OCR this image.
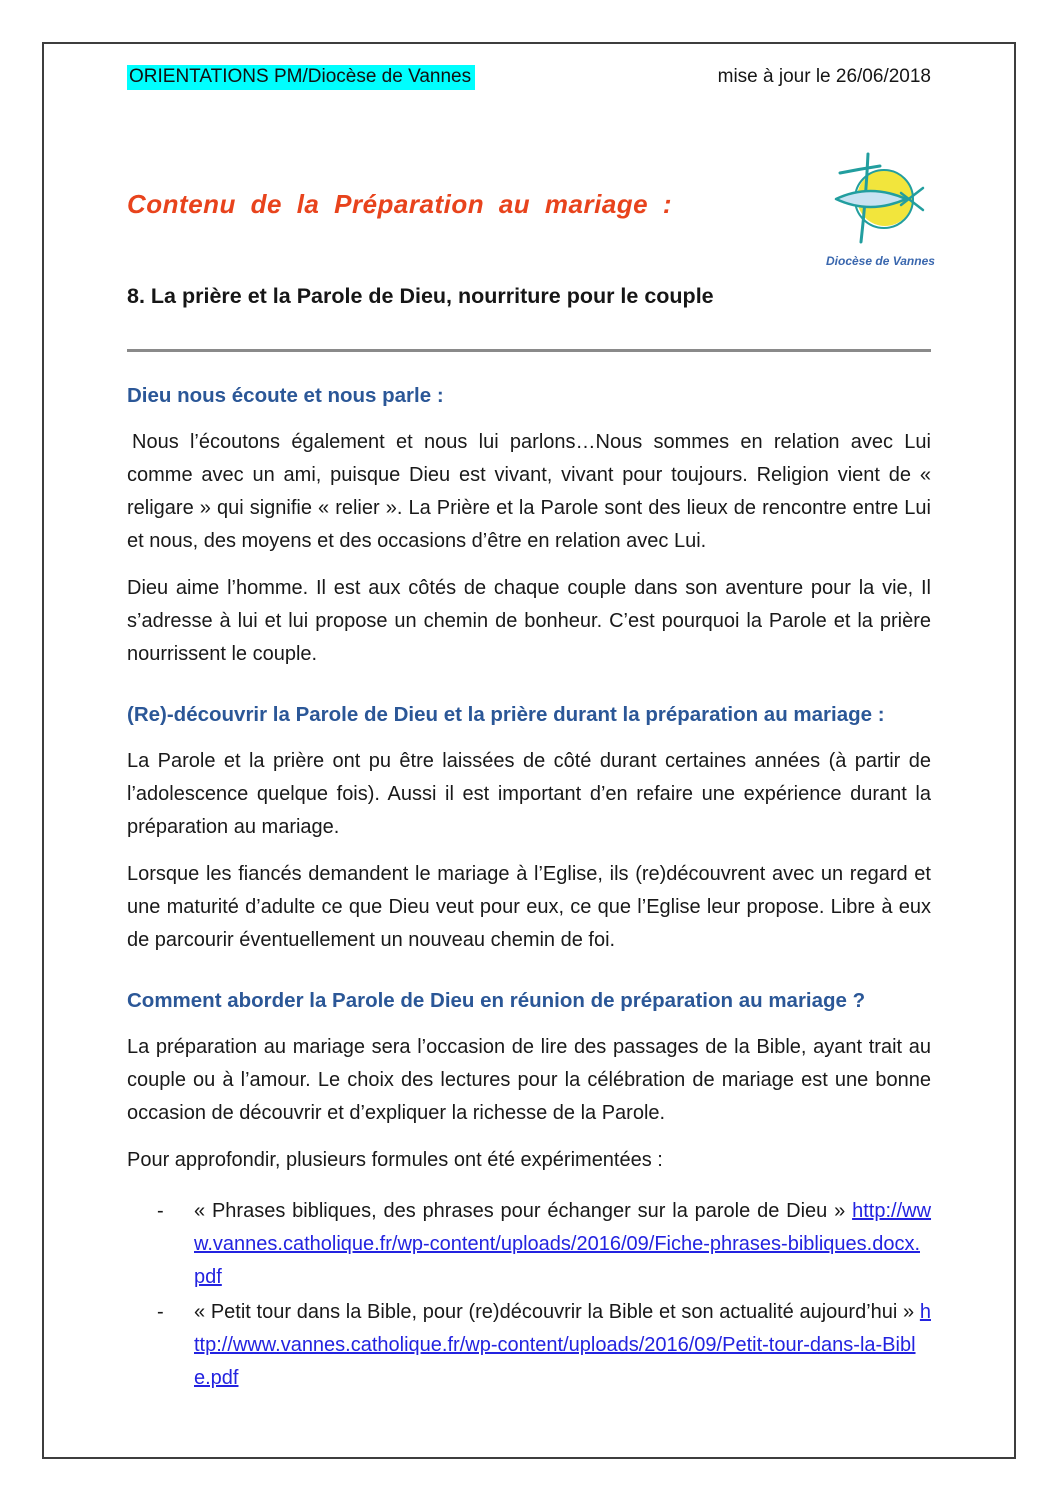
ORIENTATIONS PM/Diocèse de Vannes	mise à jour le 26/06/2018
Diocèse de Vannes
Contenu de la Préparation au mariage :
8. La prière et la Parole de Dieu, nourriture pour le couple
Dieu nous écoute et nous parle :

Nous l’écoutons également et nous lui parlons…Nous sommes en relation avec Lui comme avec un ami, puisque Dieu est vivant, vivant pour toujours. Religion vient de « religare » qui signifie « relier ». La Prière et la Parole sont des lieux de rencontre entre Lui et nous, des moyens et des occasions d’être en relation avec Lui.

Dieu aime l’homme. Il est aux côtés de chaque couple dans son aventure pour la vie, Il s’adresse à lui et lui propose un chemin de bonheur. C’est pourquoi la Parole et la prière nourrissent le couple.

(Re)-découvrir la Parole de Dieu et la prière durant la préparation au mariage :

La Parole et la prière ont pu être laissées de côté durant certaines années (à partir de l’adolescence quelque fois). Aussi il est important d’en refaire une expérience durant la préparation au mariage.

Lorsque les fiancés demandent le mariage à l’Eglise, ils (re)découvrent avec un regard et une maturité d’adulte ce que Dieu veut pour eux, ce que l’Eglise leur propose. Libre à eux de parcourir éventuellement un nouveau chemin de foi.

Comment aborder la Parole de Dieu en réunion de préparation au mariage ?

La préparation au mariage sera l’occasion de lire des passages de la Bible, ayant trait au couple ou à l’amour. Le choix des lectures pour la célébration de mariage est une bonne occasion de découvrir et d’expliquer la richesse de la Parole.

Pour approfondir, plusieurs formules ont été expérimentées :

-	« Phrases bibliques, des phrases pour échanger sur la parole de Dieu » http://www.vannes.catholique.fr/wp-content/uploads/2016/09/Fiche-phrases-bibliques.docx.pdf
-	« Petit tour dans la Bible, pour (re)découvrir la Bible et son actualité aujourd’hui » http://www.vannes.catholique.fr/wp-content/uploads/2016/09/Petit-tour-dans-la-Bible.pdf
